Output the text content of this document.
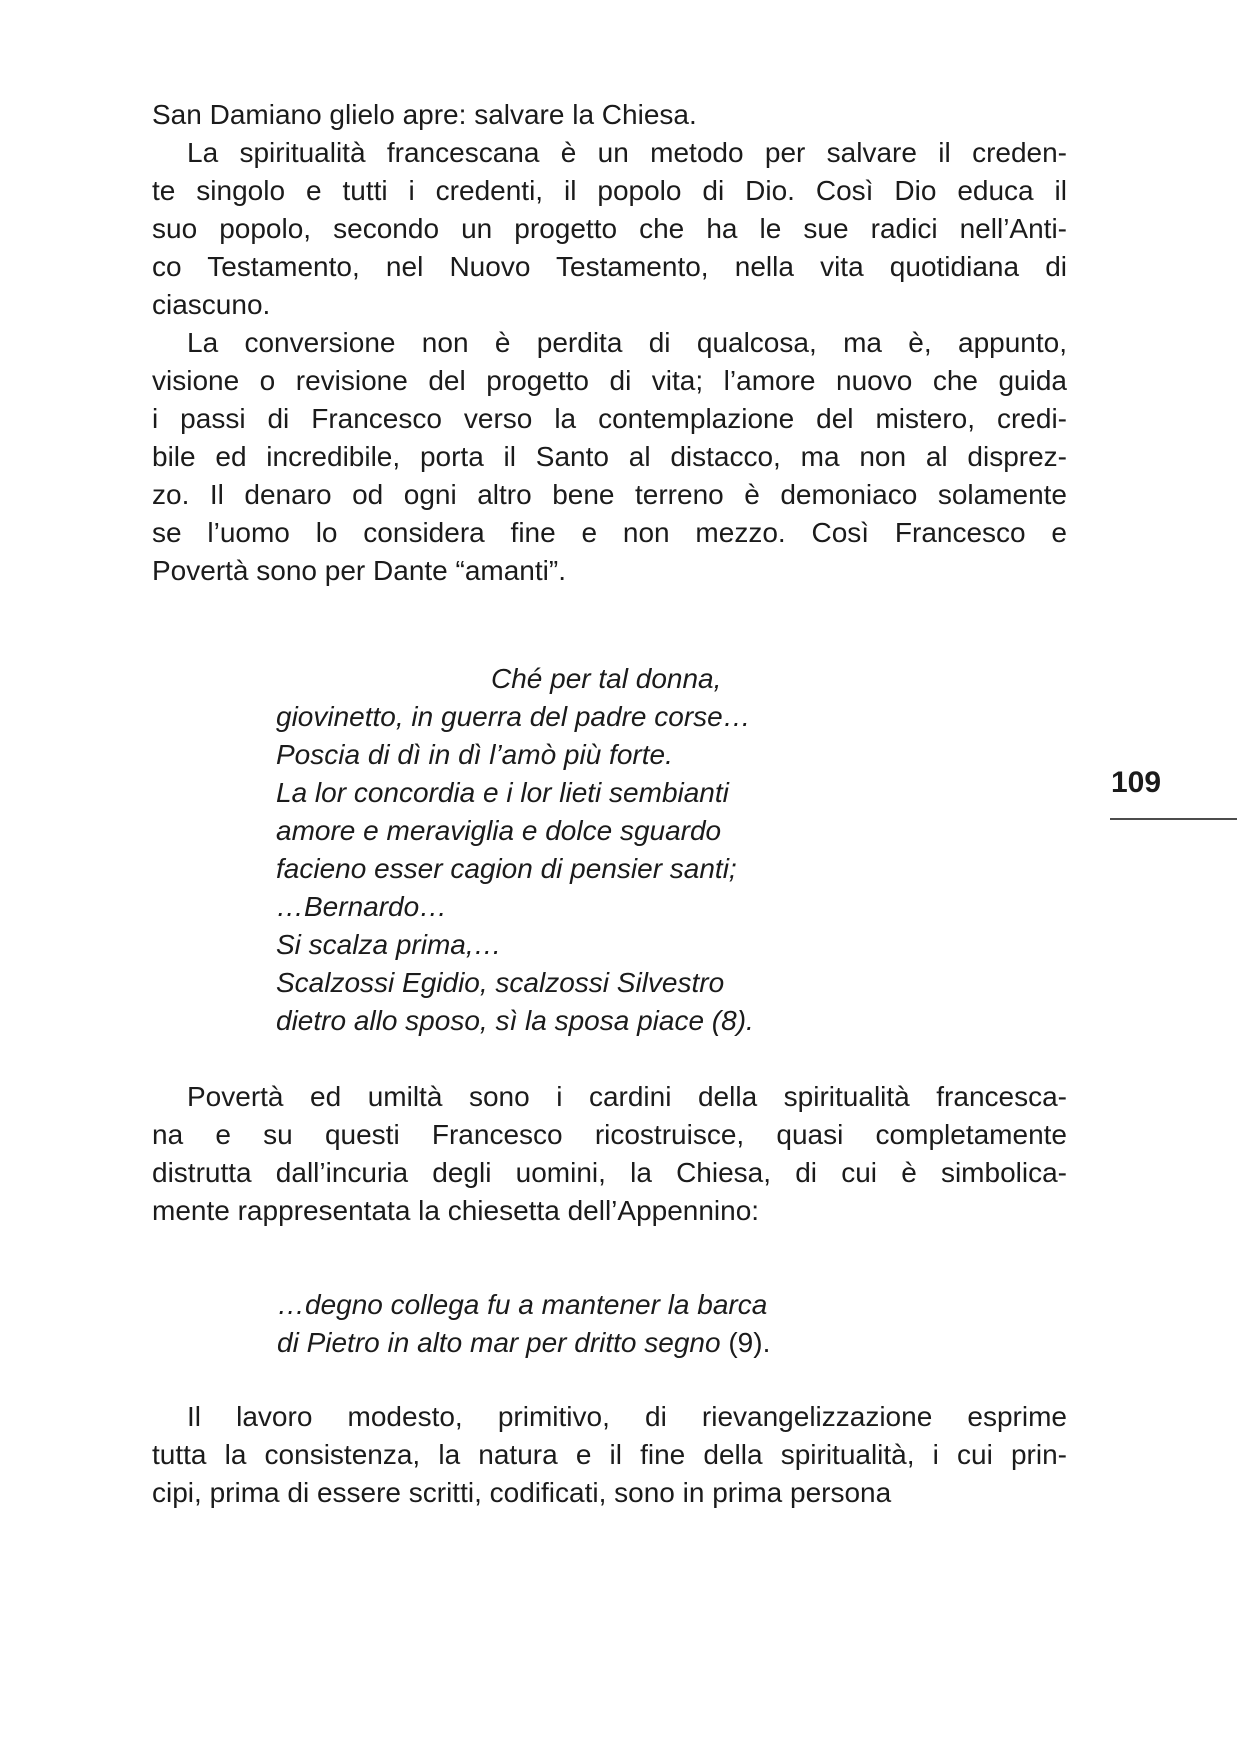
San Damiano glielo apre: salvare la Chiesa.
La spiritualità francescana è un metodo per salvare il creden-
te singolo e tutti i credenti, il popolo di Dio. Così Dio educa il
suo popolo, secondo un progetto che ha le sue radici nell’Anti-
co Testamento, nel Nuovo Testamento, nella vita quotidiana di
ciascuno.
La conversione non è perdita di qualcosa, ma è, appunto,
visione o revisione del progetto di vita; l’amore nuovo che guida
i passi di Francesco verso la contemplazione del mistero, credi-
bile ed incredibile, porta il Santo al distacco, ma non al disprez-
zo. Il denaro od ogni altro bene terreno è demoniaco solamente
se l’uomo lo considera fine e non mezzo. Così Francesco e
Povertà sono per Dante “amanti”.
Ché per tal donna,
giovinetto, in guerra del padre corse…
Poscia di dì in dì l’amò più forte.
La lor concordia e i lor lieti sembianti
amore e meraviglia e dolce sguardo
facieno esser cagion di pensier santi;
…Bernardo…
Si scalza prima,…
Scalzossi Egidio, scalzossi Silvestro
dietro allo sposo, sì la sposa piace (8).
Povertà ed umiltà sono i cardini della spiritualità francesca-
na e su questi Francesco ricostruisce, quasi completamente
distrutta dall’incuria degli uomini, la Chiesa, di cui è simbolica-
mente rappresentata la chiesetta dell’Appennino:
…degno collega fu a mantener la barca
di Pietro in alto mar per dritto segno (9).
Il lavoro modesto, primitivo, di rievangelizzazione esprime
tutta la consistenza, la natura e il fine della spiritualità, i cui prin-
cipi, prima di essere scritti, codificati, sono in prima persona
109
